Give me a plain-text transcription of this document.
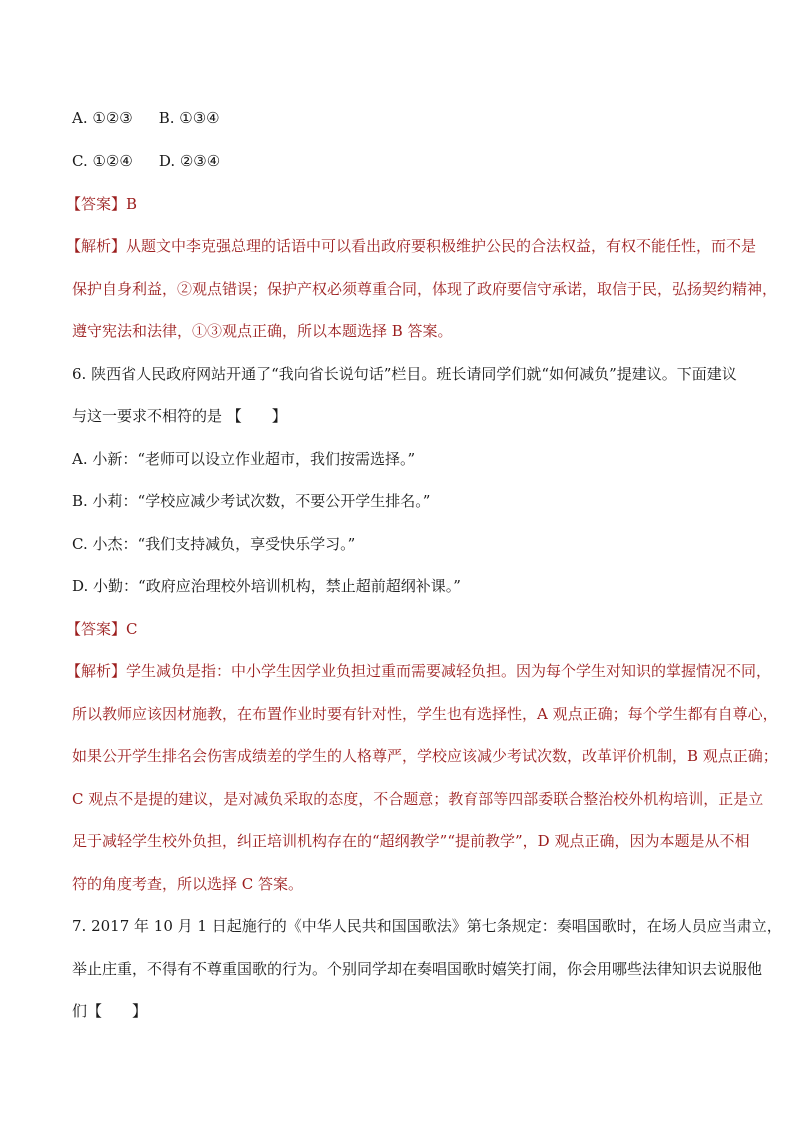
A. ①②③ B. ①③④
C. ①②④ D. ②③④
【答案】B
【解析】从题文中李克强总理的话语中可以看出政府要积极维护公民的合法权益，有权不能任性，而不是
保护自身利益，②观点错误；保护产权必须尊重合同，体现了政府要信守承诺，取信于民，弘扬契约精神，
遵守宪法和法律，①③观点正确，所以本题选择 B 答案。
6. 陕西省人民政府网站开通了“我向省长说句话”栏目。班长请同学们就“如何减负”提建议。下面建议
与这一要求不相符的是 【　　】
A. 小新：“老师可以设立作业超市，我们按需选择。”
B. 小莉：“学校应减少考试次数，不要公开学生排名。”
C. 小杰：“我们支持减负，享受快乐学习。”
D. 小勤：“政府应治理校外培训机构，禁止超前超纲补课。”
【答案】C
【解析】学生减负是指：中小学生因学业负担过重而需要减轻负担。因为每个学生对知识的掌握情况不同，
所以教师应该因材施教，在布置作业时要有针对性，学生也有选择性，A 观点正确；每个学生都有自尊心，
如果公开学生排名会伤害成绩差的学生的人格尊严，学校应该减少考试次数，改革评价机制，B 观点正确；
C 观点不是提的建议，是对减负采取的态度，不合题意；教育部等四部委联合整治校外机构培训，正是立
足于减轻学生校外负担，纠正培训机构存在的“超纲教学”“提前教学”，D 观点正确，因为本题是从不相
符的角度考查，所以选择 C 答案。
7. 2017 年 10 月 1 日起施行的《中华人民共和国国歌法》第七条规定：奏唱国歌时，在场人员应当肃立，
举止庄重，不得有不尊重国歌的行为。个别同学却在奏唱国歌时嬉笑打闹，你会用哪些法律知识去说服他
们【　　】
